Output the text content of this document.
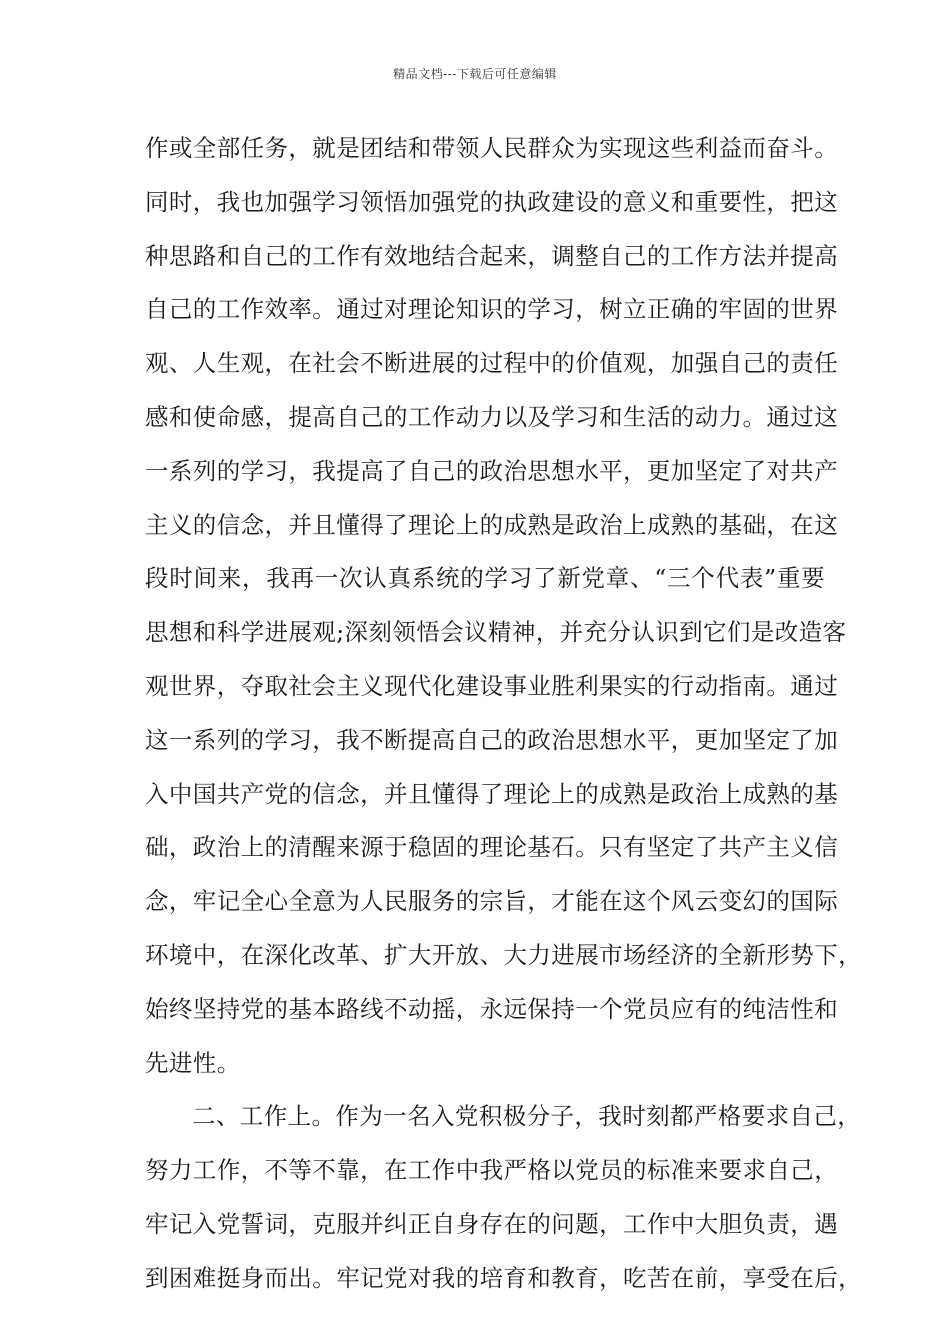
精品文档---下载后可任意编辑
作或全部任务，就是团结和带领人民群众为实现这些利益而奋斗。
同时，我也加强学习领悟加强党的执政建设的意义和重要性，把这
种思路和自己的工作有效地结合起来，调整自己的工作方法并提高
自己的工作效率。通过对理论知识的学习，树立正确的牢固的世界
观、人生观，在社会不断进展的过程中的价值观，加强自己的责任
感和使命感，提高自己的工作动力以及学习和生活的动力。通过这
一系列的学习，我提高了自己的政治思想水平，更加坚定了对共产
主义的信念，并且懂得了理论上的成熟是政治上成熟的基础，在这
段时间来，我再一次认真系统的学习了新党章、“三个代表”重要
思想和科学进展观;深刻领悟会议精神，并充分认识到它们是改造客
观世界，夺取社会主义现代化建设事业胜利果实的行动指南。通过
这一系列的学习，我不断提高自己的政治思想水平，更加坚定了加
入中国共产党的信念，并且懂得了理论上的成熟是政治上成熟的基
础，政治上的清醒来源于稳固的理论基石。只有坚定了共产主义信
念，牢记全心全意为人民服务的宗旨，才能在这个风云变幻的国际
环境中，在深化改革、扩大开放、大力进展市场经济的全新形势下，
始终坚持党的基本路线不动摇，永远保持一个党员应有的纯洁性和
先进性。
二、工作上。作为一名入党积极分子，我时刻都严格要求自己，
努力工作，不等不靠，在工作中我严格以党员的标准来要求自己，
牢记入党誓词，克服并纠正自身存在的问题，工作中大胆负责，遇
到困难挺身而出。牢记党对我的培育和教育，吃苦在前，享受在后，
